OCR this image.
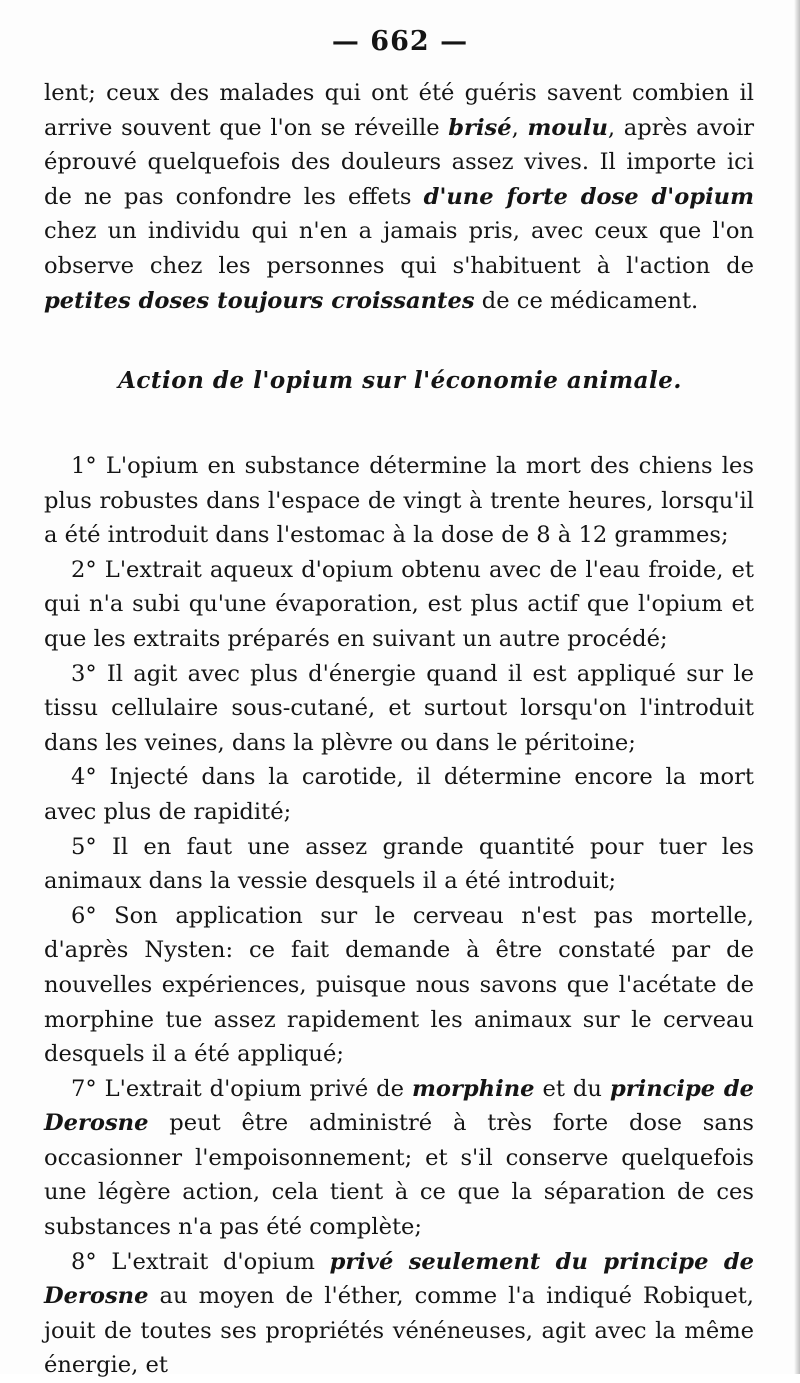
— 662 —

lent; ceux des malades qui ont été guéris savent combien il arrive souvent que l'on se réveille brisé, moulu, après avoir éprouvé quelquefois des douleurs assez vives. Il importe ici de ne pas confondre les effets d'une forte dose d'opium chez un individu qui n'en a jamais pris, avec ceux que l'on observe chez les personnes qui s'habituent à l'action de petites doses toujours croissantes de ce médicament.

Action de l'opium sur l'économie animale.

1° L'opium en substance détermine la mort des chiens les plus robustes dans l'espace de vingt à trente heures, lorsqu'il a été introduit dans l'estomac à la dose de 8 à 12 grammes;

2° L'extrait aqueux d'opium obtenu avec de l'eau froide, et qui n'a subi qu'une évaporation, est plus actif que l'opium et que les extraits préparés en suivant un autre procédé;

3° Il agit avec plus d'énergie quand il est appliqué sur le tissu cellulaire sous-cutané, et surtout lorsqu'on l'introduit dans les veines, dans la plèvre ou dans le péritoine;

4° Injecté dans la carotide, il détermine encore la mort avec plus de rapidité;

5° Il en faut une assez grande quantité pour tuer les animaux dans la vessie desquels il a été introduit;

6° Son application sur le cerveau n'est pas mortelle, d'après Nysten: ce fait demande à être constaté par de nouvelles expériences, puisque nous savons que l'acétate de morphine tue assez rapidement les animaux sur le cerveau desquels il a été appliqué;

7° L'extrait d'opium privé de morphine et du principe de Derosne peut être administré à très forte dose sans occasionner l'empoisonnement; et s'il conserve quelquefois une légère action, cela tient à ce que la séparation de ces substances n'a pas été complète;

8° L'extrait d'opium privé seulement du principe de Derosne au moyen de l'éther, comme l'a indiqué Robiquet, jouit de toutes ses propriétés vénéneuses, agit avec la même énergie, et
